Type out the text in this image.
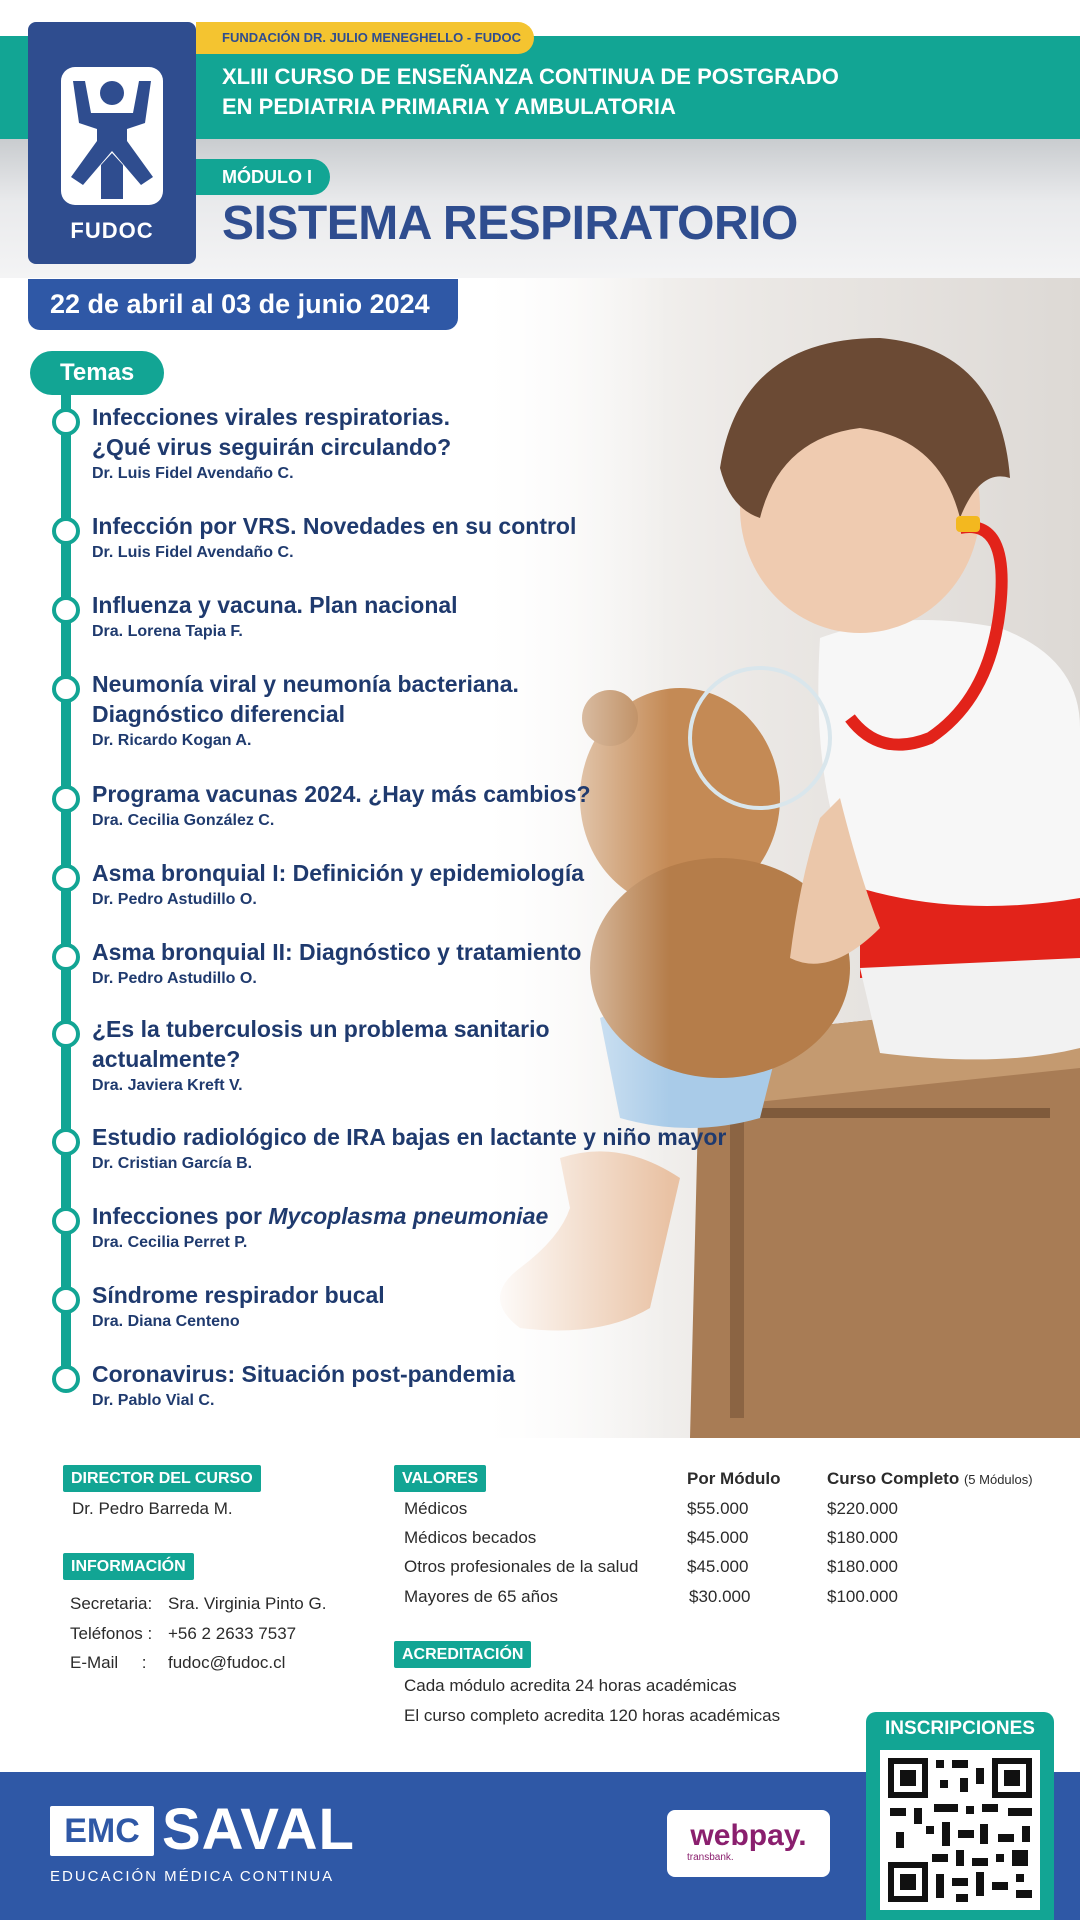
FUDOC
FUNDACIÓN DR. JULIO MENEGHELLO - FUDOC
XLIII CURSO DE ENSEÑANZA CONTINUA DE POSTGRADO
EN PEDIATRIA PRIMARIA Y AMBULATORIA
MÓDULO I
SISTEMA RESPIRATORIO
22 de abril al 03 de junio 2024
Temas
Infecciones virales respiratorias.
¿Qué virus seguirán circulando?
Dr. Luis Fidel Avendaño C.
Infección por VRS. Novedades en su control
Dr. Luis Fidel Avendaño C.
Influenza y vacuna. Plan nacional
Dra. Lorena Tapia F.
Neumonía viral y neumonía bacteriana.
Diagnóstico diferencial
Dr. Ricardo Kogan A.
Programa vacunas 2024. ¿Hay más cambios?
Dra. Cecilia González C.
Asma bronquial I: Definición y epidemiología
Dr. Pedro Astudillo O.
Asma bronquial II: Diagnóstico y tratamiento
Dr. Pedro Astudillo O.
¿Es la tuberculosis un problema sanitario
actualmente?
Dra. Javiera Kreft V.
Estudio radiológico de IRA bajas en lactante y niño mayor
Dr. Cristian García B.
Infecciones por Mycoplasma pneumoniae
Dra. Cecilia Perret P.
Síndrome respirador bucal
Dra. Diana Centeno
Coronavirus: Situación post-pandemia
Dr. Pablo Vial C.
DIRECTOR DEL CURSO
Dr. Pedro Barreda M.
INFORMACIÓN
Secretaria: Sra. Virginia Pinto G.
Teléfonos : +56 2 2633 7537
E-Mail     : fudoc@fudoc.cl
VALORES	Por Módulo	Curso Completo (5 Módulos)
Médicos	$55.000	$220.000
Médicos becados	$45.000	$180.000
Otros profesionales de la salud	$45.000	$180.000
Mayores de 65 años	$30.000	$100.000
ACREDITACIÓN
Cada módulo acredita 24 horas académicas
El curso completo acredita 120 horas académicas
EMC SAVAL
EDUCACIÓN MÉDICA CONTINUA
webpay.
transbank.
INSCRIPCIONES
